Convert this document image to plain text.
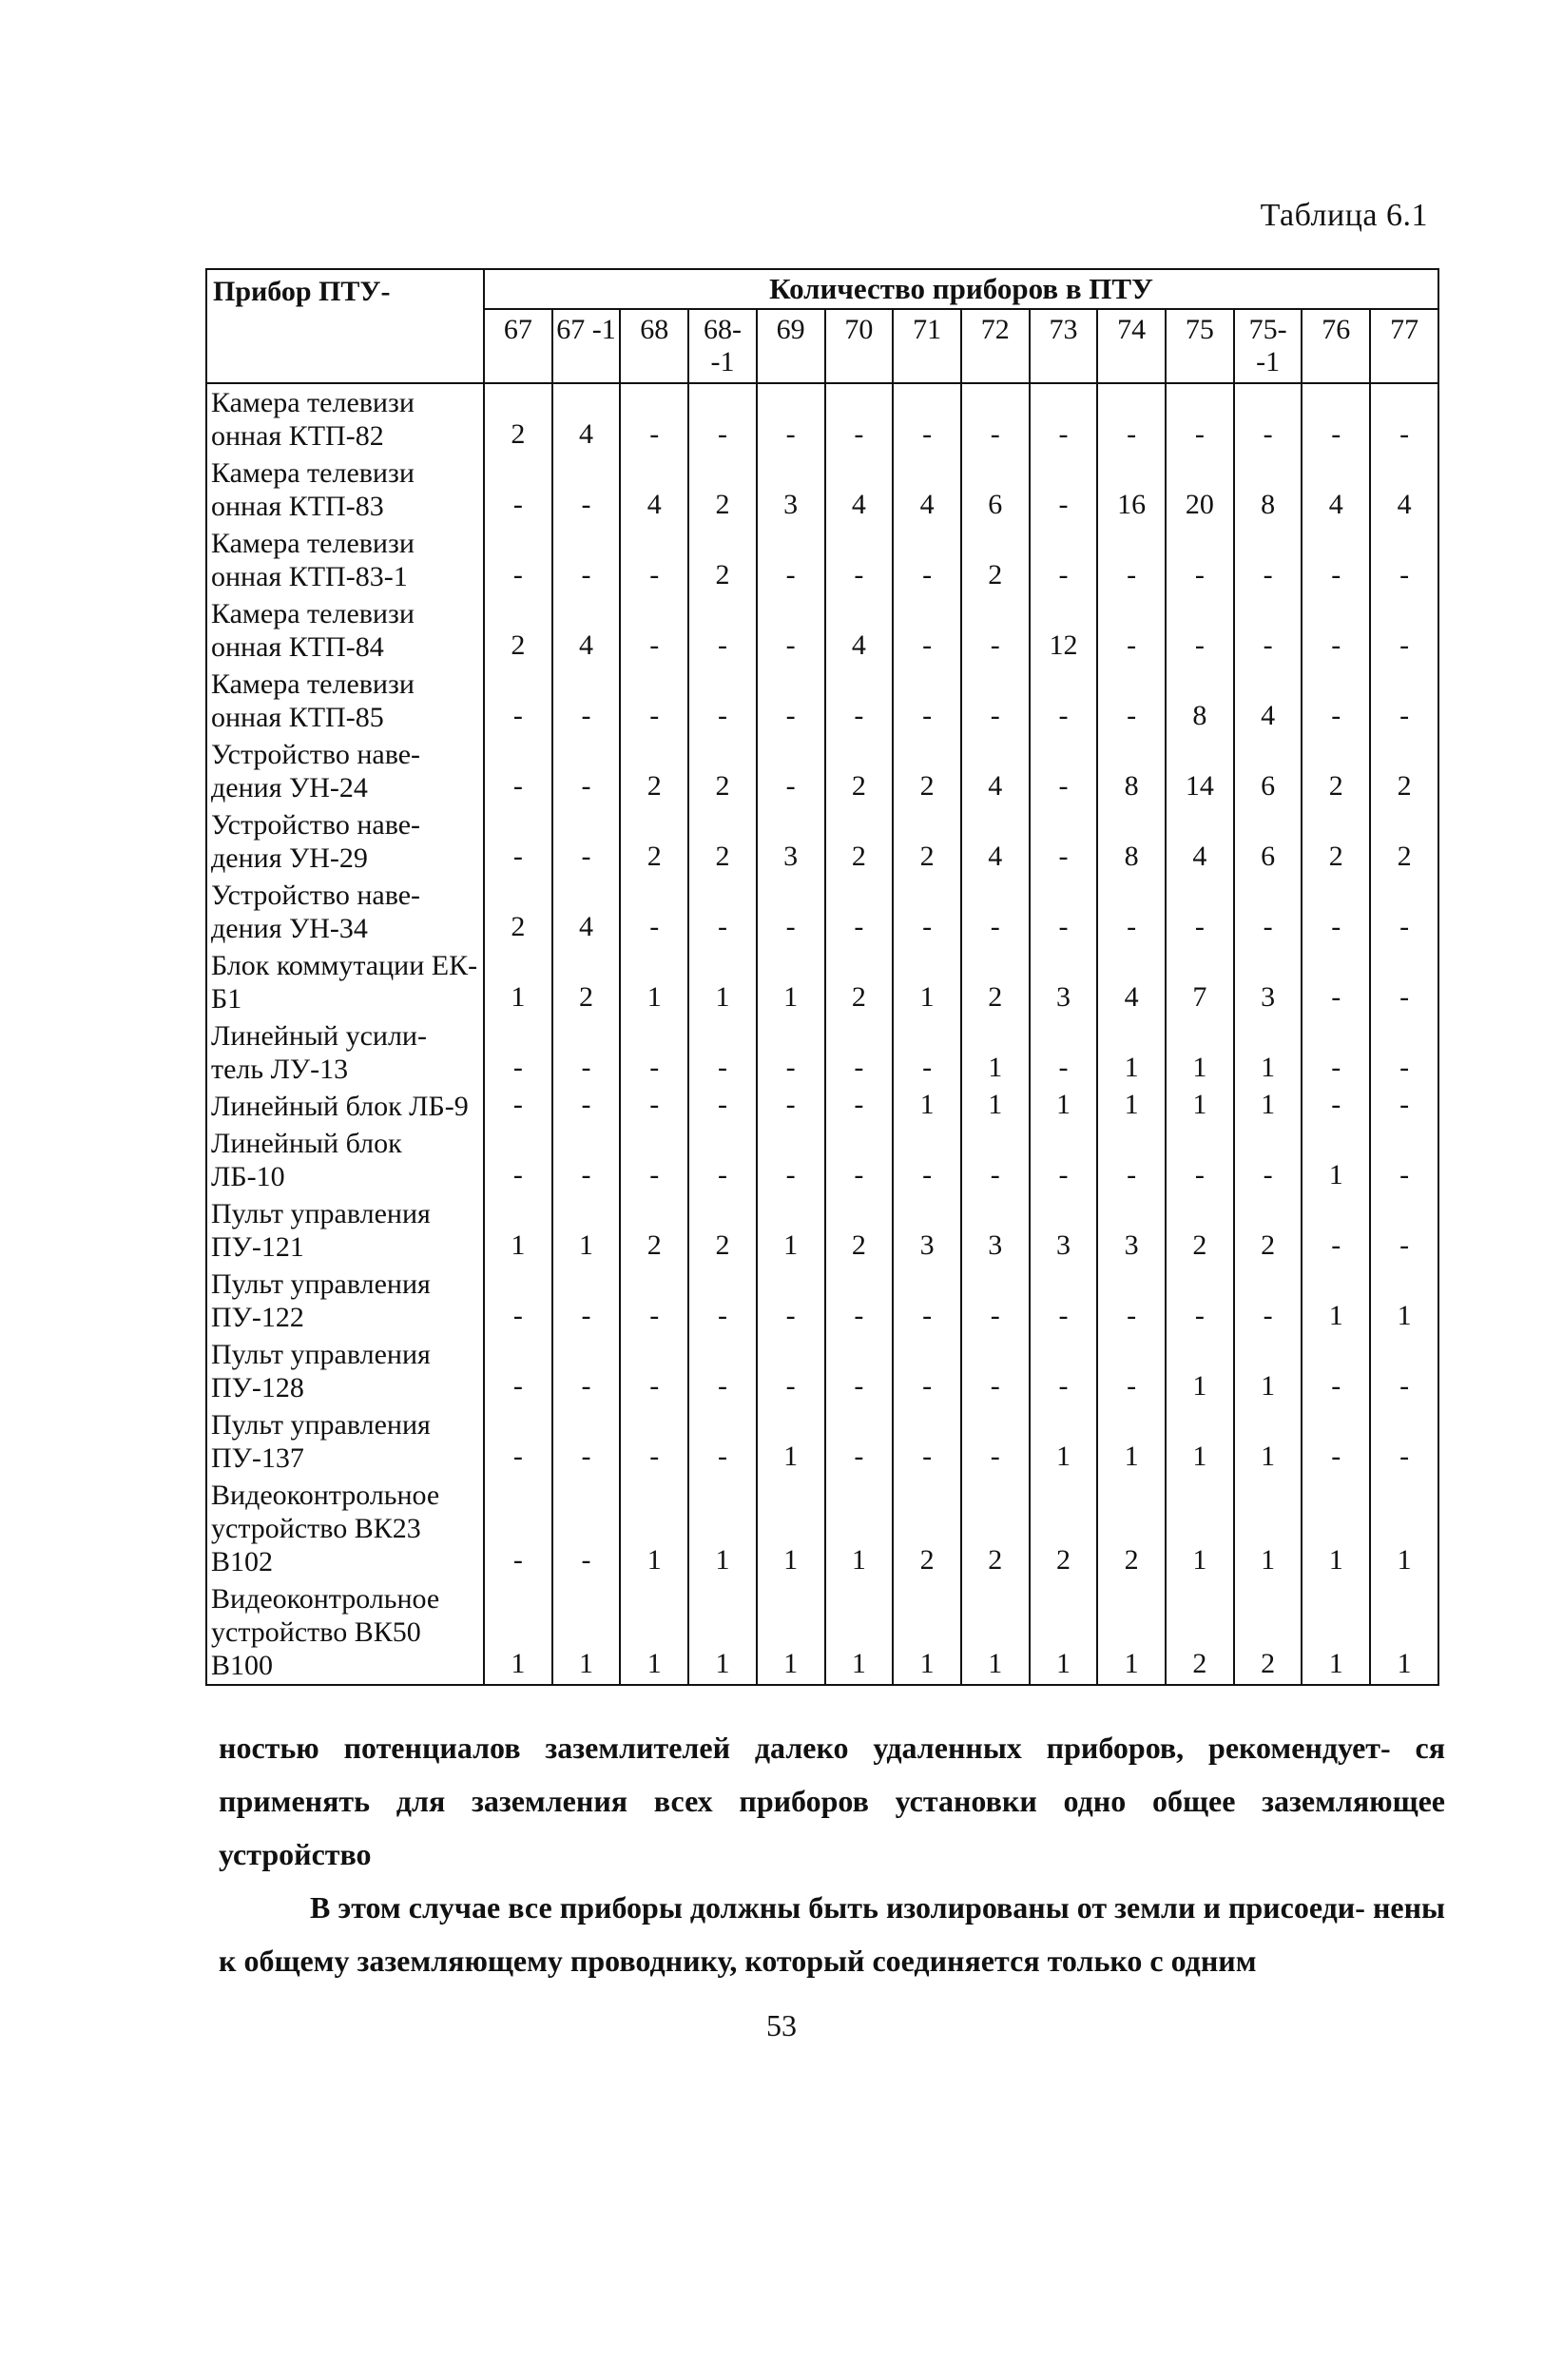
Таблица 6.1
Прибор ПТУ-	Количество приборов в ПТУ													
	67	67 -1	68	68- -1	69	70	71	72	73	74	75	75- -1	76	77
Камера телевизи онная КТП-82	2	4	-	-	-	-	-	-	-	-	-	-	-	-
Камера телевизи онная КТП-83	-	-	4	2	3	4	4	6	-	16	20	8	4	4
Камера телевизи онная КТП-83-1	-	-	-	2	-	-	-	2	-	-	-	-	-	-
Камера телевизи онная КТП-84	2	4	-	-	-	4	-	-	12	-	-	-	-	-
Камера телевизи онная КТП-85	-	-	-	-	-	-	-	-	-	-	8	4	-	-
Устройство наве- дения УН-24	-	-	2	2	-	2	2	4	-	8	14	6	2	2
Устройство наве- дения УН-29	-	-	2	2	3	2	2	4	-	8	4	6	2	2
Устройство наве- дения УН-34	2	4	-	-	-	-	-	-	-	-	-	-	-	-
Блок коммутации ЕК-Б1	1	2	1	1	1	2	1	2	3	4	7	3	-	-
Линейный усили- тель ЛУ-13	-	-	-	-	-	-	-	1	-	1	1	1	-	-
Линейный блок ЛБ-9	-	-	-	-	-	-	1	1	1	1	1	1	-	-
Линейный блок ЛБ-10	-	-	-	-	-	-	-	-	-	-	-	-	1	-
Пульт управления ПУ-121	1	1	2	2	1	2	3	3	3	3	2	2	-	-
Пульт управления ПУ-122	-	-	-	-	-	-	-	-	-	-	-	-	1	1
Пульт управления ПУ-128	-	-	-	-	-	-	-	-	-	-	1	1	-	-
Пульт управления ПУ-137	-	-	-	-	1	-	-	-	1	1	1	1	-	-
Видеоконтрольное устройство ВК23 В102	-	-	1	1	1	1	2	2	2	2	1	1	1	1
Видеоконтрольное устройство ВК50 В100	1	1	1	1	1	1	1	1	1	1	2	2	1	1
ностью потенциалов заземлителей далеко удаленных приборов, рекомендует- ся применять для заземления всех приборов установки одно общее заземляющее устройство
В этом случае все приборы должны быть изолированы от земли и присоеди- нены к общему заземляющему проводнику, который соединяется только с одним
53
